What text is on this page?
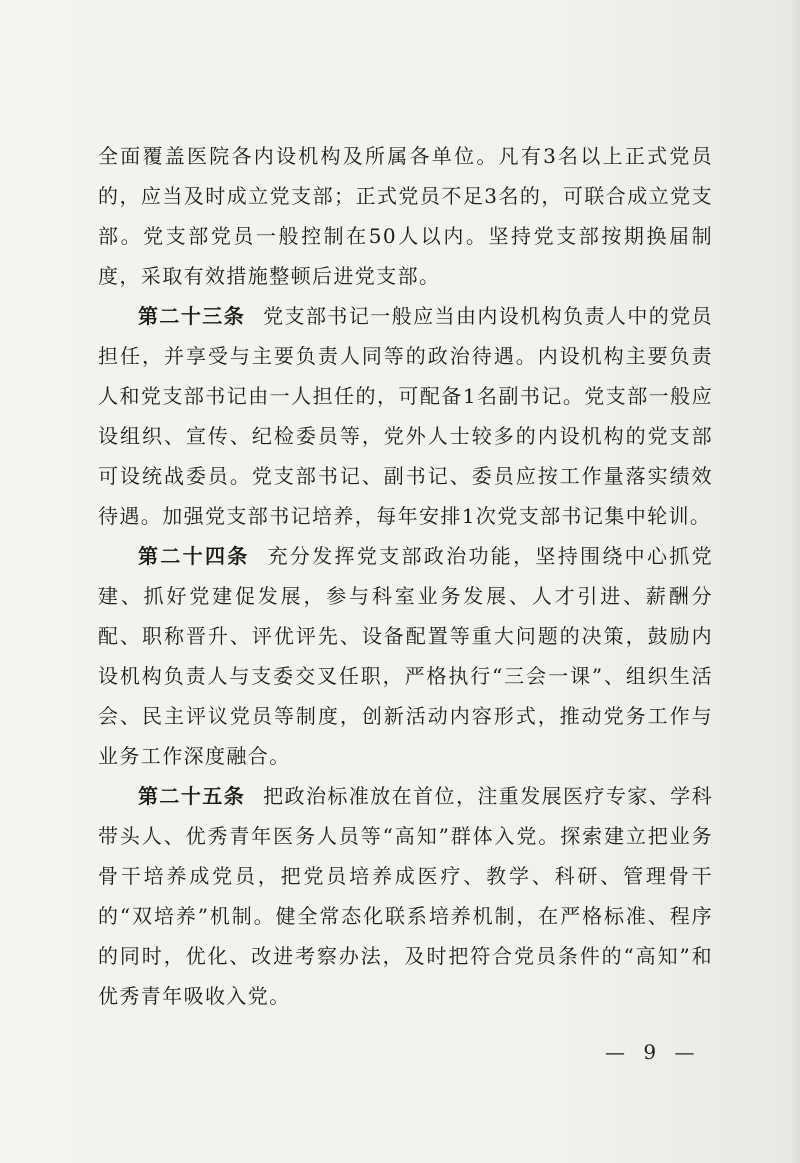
全面覆盖医院各内设机构及所属各单位。凡有3名以上正式党员的，应当及时成立党支部；正式党员不足3名的，可联合成立党支部。党支部党员一般控制在50人以内。坚持党支部按期换届制度，采取有效措施整顿后进党支部。

第二十三条 党支部书记一般应当由内设机构负责人中的党员担任，并享受与主要负责人同等的政治待遇。内设机构主要负责人和党支部书记由一人担任的，可配备1名副书记。党支部一般应设组织、宣传、纪检委员等，党外人士较多的内设机构的党支部可设统战委员。党支部书记、副书记、委员应按工作量落实绩效待遇。加强党支部书记培养，每年安排1次党支部书记集中轮训。

第二十四条 充分发挥党支部政治功能，坚持围绕中心抓党建、抓好党建促发展，参与科室业务发展、人才引进、薪酬分配、职称晋升、评优评先、设备配置等重大问题的决策，鼓励内设机构负责人与支委交叉任职，严格执行“三会一课”、组织生活会、民主评议党员等制度，创新活动内容形式，推动党务工作与业务工作深度融合。

第二十五条 把政治标准放在首位，注重发展医疗专家、学科带头人、优秀青年医务人员等“高知”群体入党。探索建立把业务骨干培养成党员，把党员培养成医疗、教学、科研、管理骨干的“双培养”机制。健全常态化联系培养机制，在严格标准、程序的同时，优化、改进考察办法，及时把符合党员条件的“高知”和优秀青年吸收入党。

— 9 —
